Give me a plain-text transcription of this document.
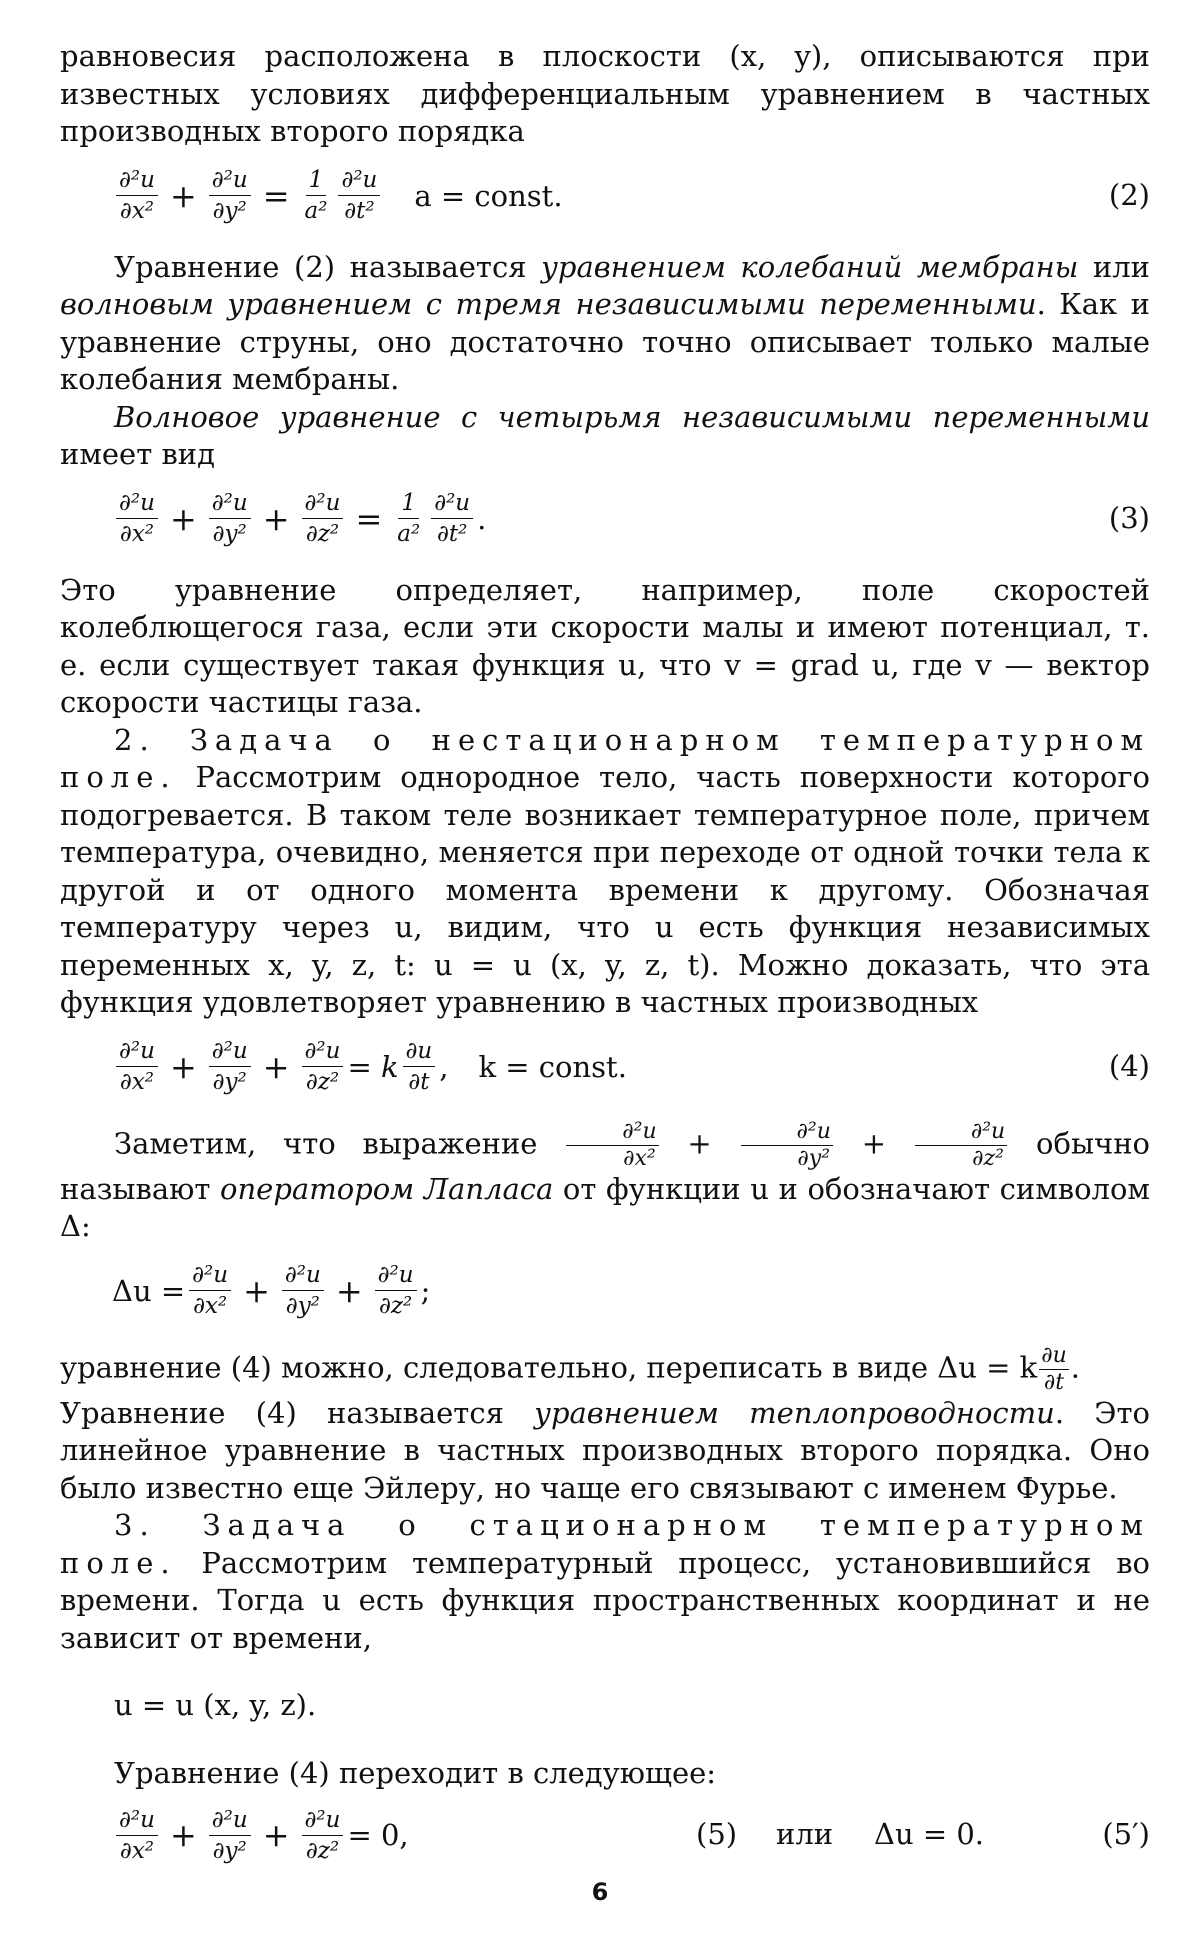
равновесия расположена в плоскости (x, y), описываются при известных условиях дифференциальным уравнением в частных производных второго порядка

$\frac{\text{∂²u}}{\text{∂x²}} + \frac{\text{∂²u}}{\text{∂y²}} = \frac{1}{\text{a²}} \frac{\text{∂²u}}{\text{∂t²}}$ a = const.	(2)

Уравнение (2) называется уравнением колебаний мембраны или волновым уравнением с тремя независимыми переменными. Как и уравнение струны, оно достаточно точно описывает только малые колебания мембраны.

Волновое уравнение с четырьмя независимыми переменными имеет вид

$\frac{\text{∂²u}}{\text{∂x²}} + \frac{\text{∂²u}}{\text{∂y²}} + \frac{\text{∂²u}}{\text{∂z²}} = \frac{1}{\text{a²}} \frac{\text{∂²u}}{\text{∂t²}}$ .	(3)

Это уравнение определяет, например, поле скоростей колеблющегося газа, если эти скорости малы и имеют потенциал, т. е. если существует такая функция u, что v = grad u, где v — вектор скорости частицы газа.

2. Задача о нестационарном температурном поле. Рассмотрим однородное тело, часть поверхности которого подогревается. В таком теле возникает температурное поле, причем температура, очевидно, меняется при переходе от одной точки тела к другой и от одного момента времени к другому. Обозначая температуру через u, видим, что u есть функция независимых переменных x, y, z, t: u = u (x, y, z, t). Можно доказать, что эта функция удовлетворяет уравнению в частных производных

$\frac{\text{∂²u}}{\text{∂x²}} + \frac{\text{∂²u}}{\text{∂y²}} + \frac{\text{∂²u}}{\text{∂z²}} = k \frac{\partial u}{\partial t}$ , k = const.	(4)

Заметим, что выражение $\frac{\text{∂²u}}{\text{∂x²}} + \frac{\text{∂²u}}{\text{∂y²}} + \frac{\text{∂²u}}{\text{∂z²}}$ обычно называют оператором Лапласа от функции u и обозначают символом Δ:

$\Delta u = \frac{\text{∂²u}}{\text{∂x²}} + \frac{\text{∂²u}}{\text{∂y²}} + \frac{\text{∂²u}}{\text{∂z²}}$ ;

уравнение (4) можно, следовательно, переписать в виде Δu = k $\frac{\partial u}{\partial t}$ .

Уравнение (4) называется уравнением теплопроводности. Это линейное уравнение в частных производных второго порядка. Оно было известно еще Эйлеру, но чаще его связывают с именем Фурье.

3. Задача о стационарном температурном поле. Рассмотрим температурный процесс, установившийся во времени. Тогда u есть функция пространственных координат и не зависит от времени,

u = u (x, y, z).

Уравнение (4) переходит в следующее:

$\frac{\text{∂²u}}{\text{∂x²}} + \frac{\text{∂²u}}{\text{∂y²}} + \frac{\text{∂²u}}{\text{∂z²}} = 0$,	(5) или Δu = 0.	(5′)
6
